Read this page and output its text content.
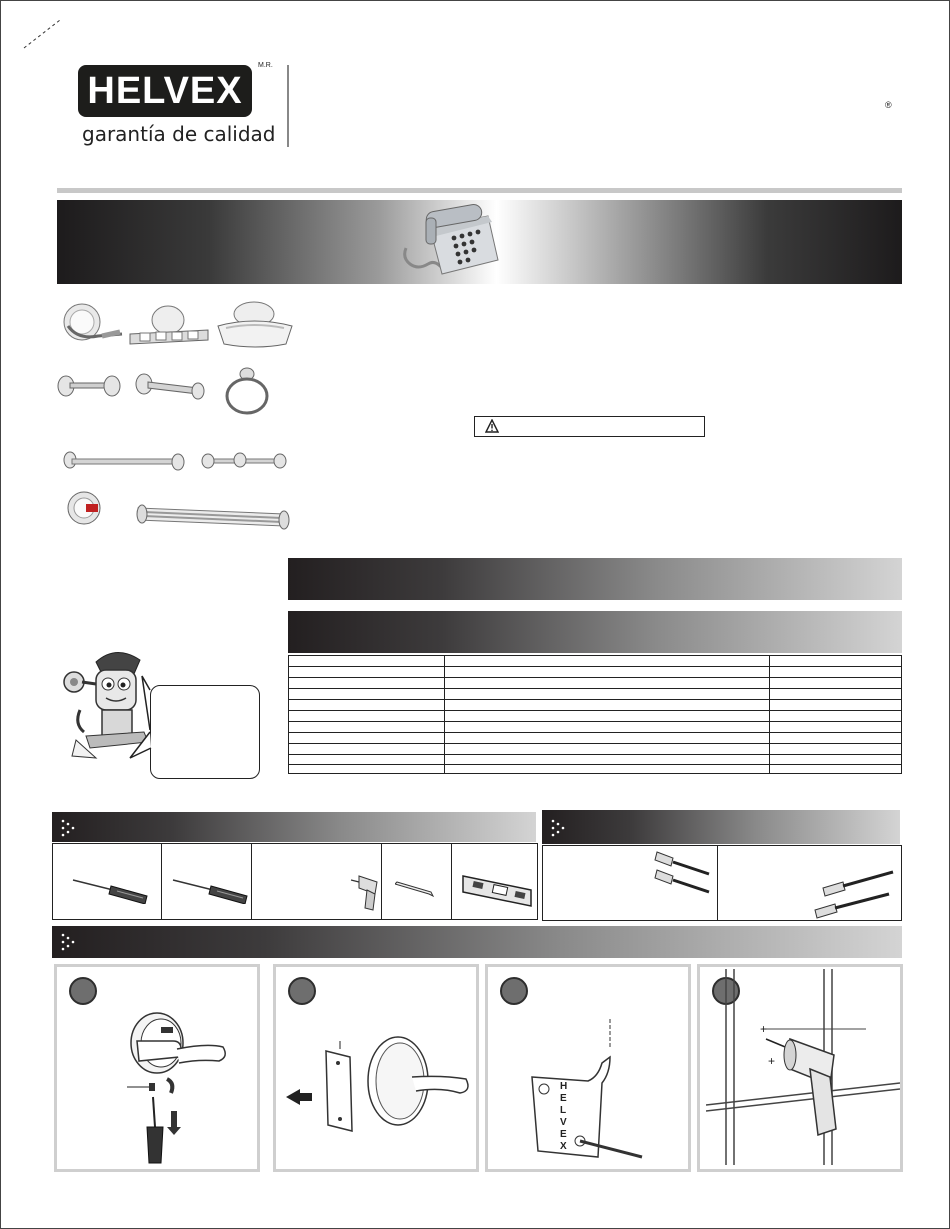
HELVEX
M.R.
garantía de calidad
®
H
E
L
V
E
X
+
+
